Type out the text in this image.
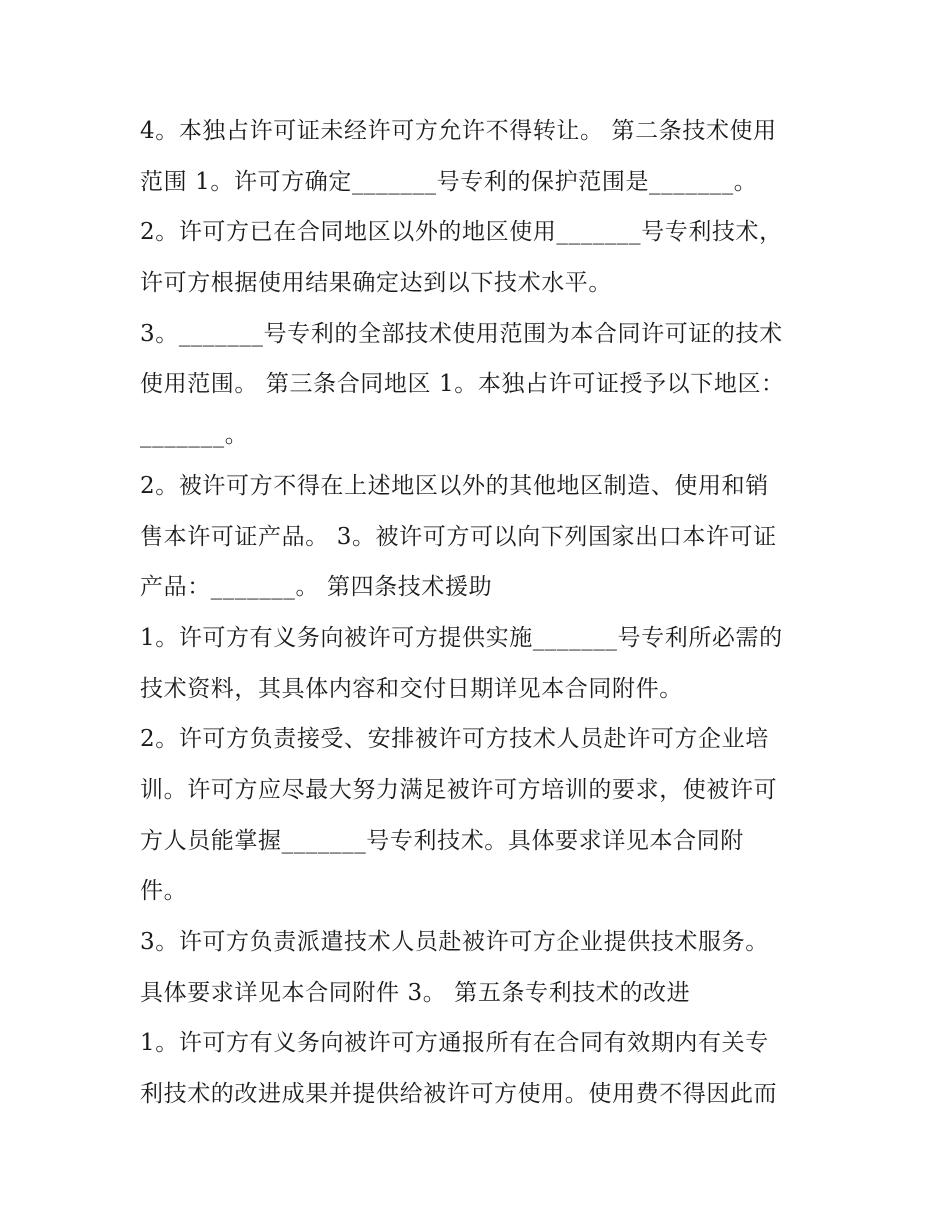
4。本独占许可证未经许可方允许不得转让。 第二条技术使用
范围 1。许可方确定_______号专利的保护范围是_______。
2。许可方已在合同地区以外的地区使用_______号专利技术，
许可方根据使用结果确定达到以下技术水平。
3。_______号专利的全部技术使用范围为本合同许可证的技术
使用范围。 第三条合同地区 1。本独占许可证授予以下地区：
_______。
2。被许可方不得在上述地区以外的其他地区制造、使用和销
售本许可证产品。 3。被许可方可以向下列国家出口本许可证
产品：_______。 第四条技术援助
1。许可方有义务向被许可方提供实施_______号专利所必需的
技术资料，其具体内容和交付日期详见本合同附件。
2。许可方负责接受、安排被许可方技术人员赴许可方企业培
训。许可方应尽最大努力满足被许可方培训的要求，使被许可
方人员能掌握_______号专利技术。具体要求详见本合同附
件。
3。许可方负责派遣技术人员赴被许可方企业提供技术服务。
具体要求详见本合同附件 3。 第五条专利技术的改进
1。许可方有义务向被许可方通报所有在合同有效期内有关专
利技术的改进成果并提供给被许可方使用。使用费不得因此而
